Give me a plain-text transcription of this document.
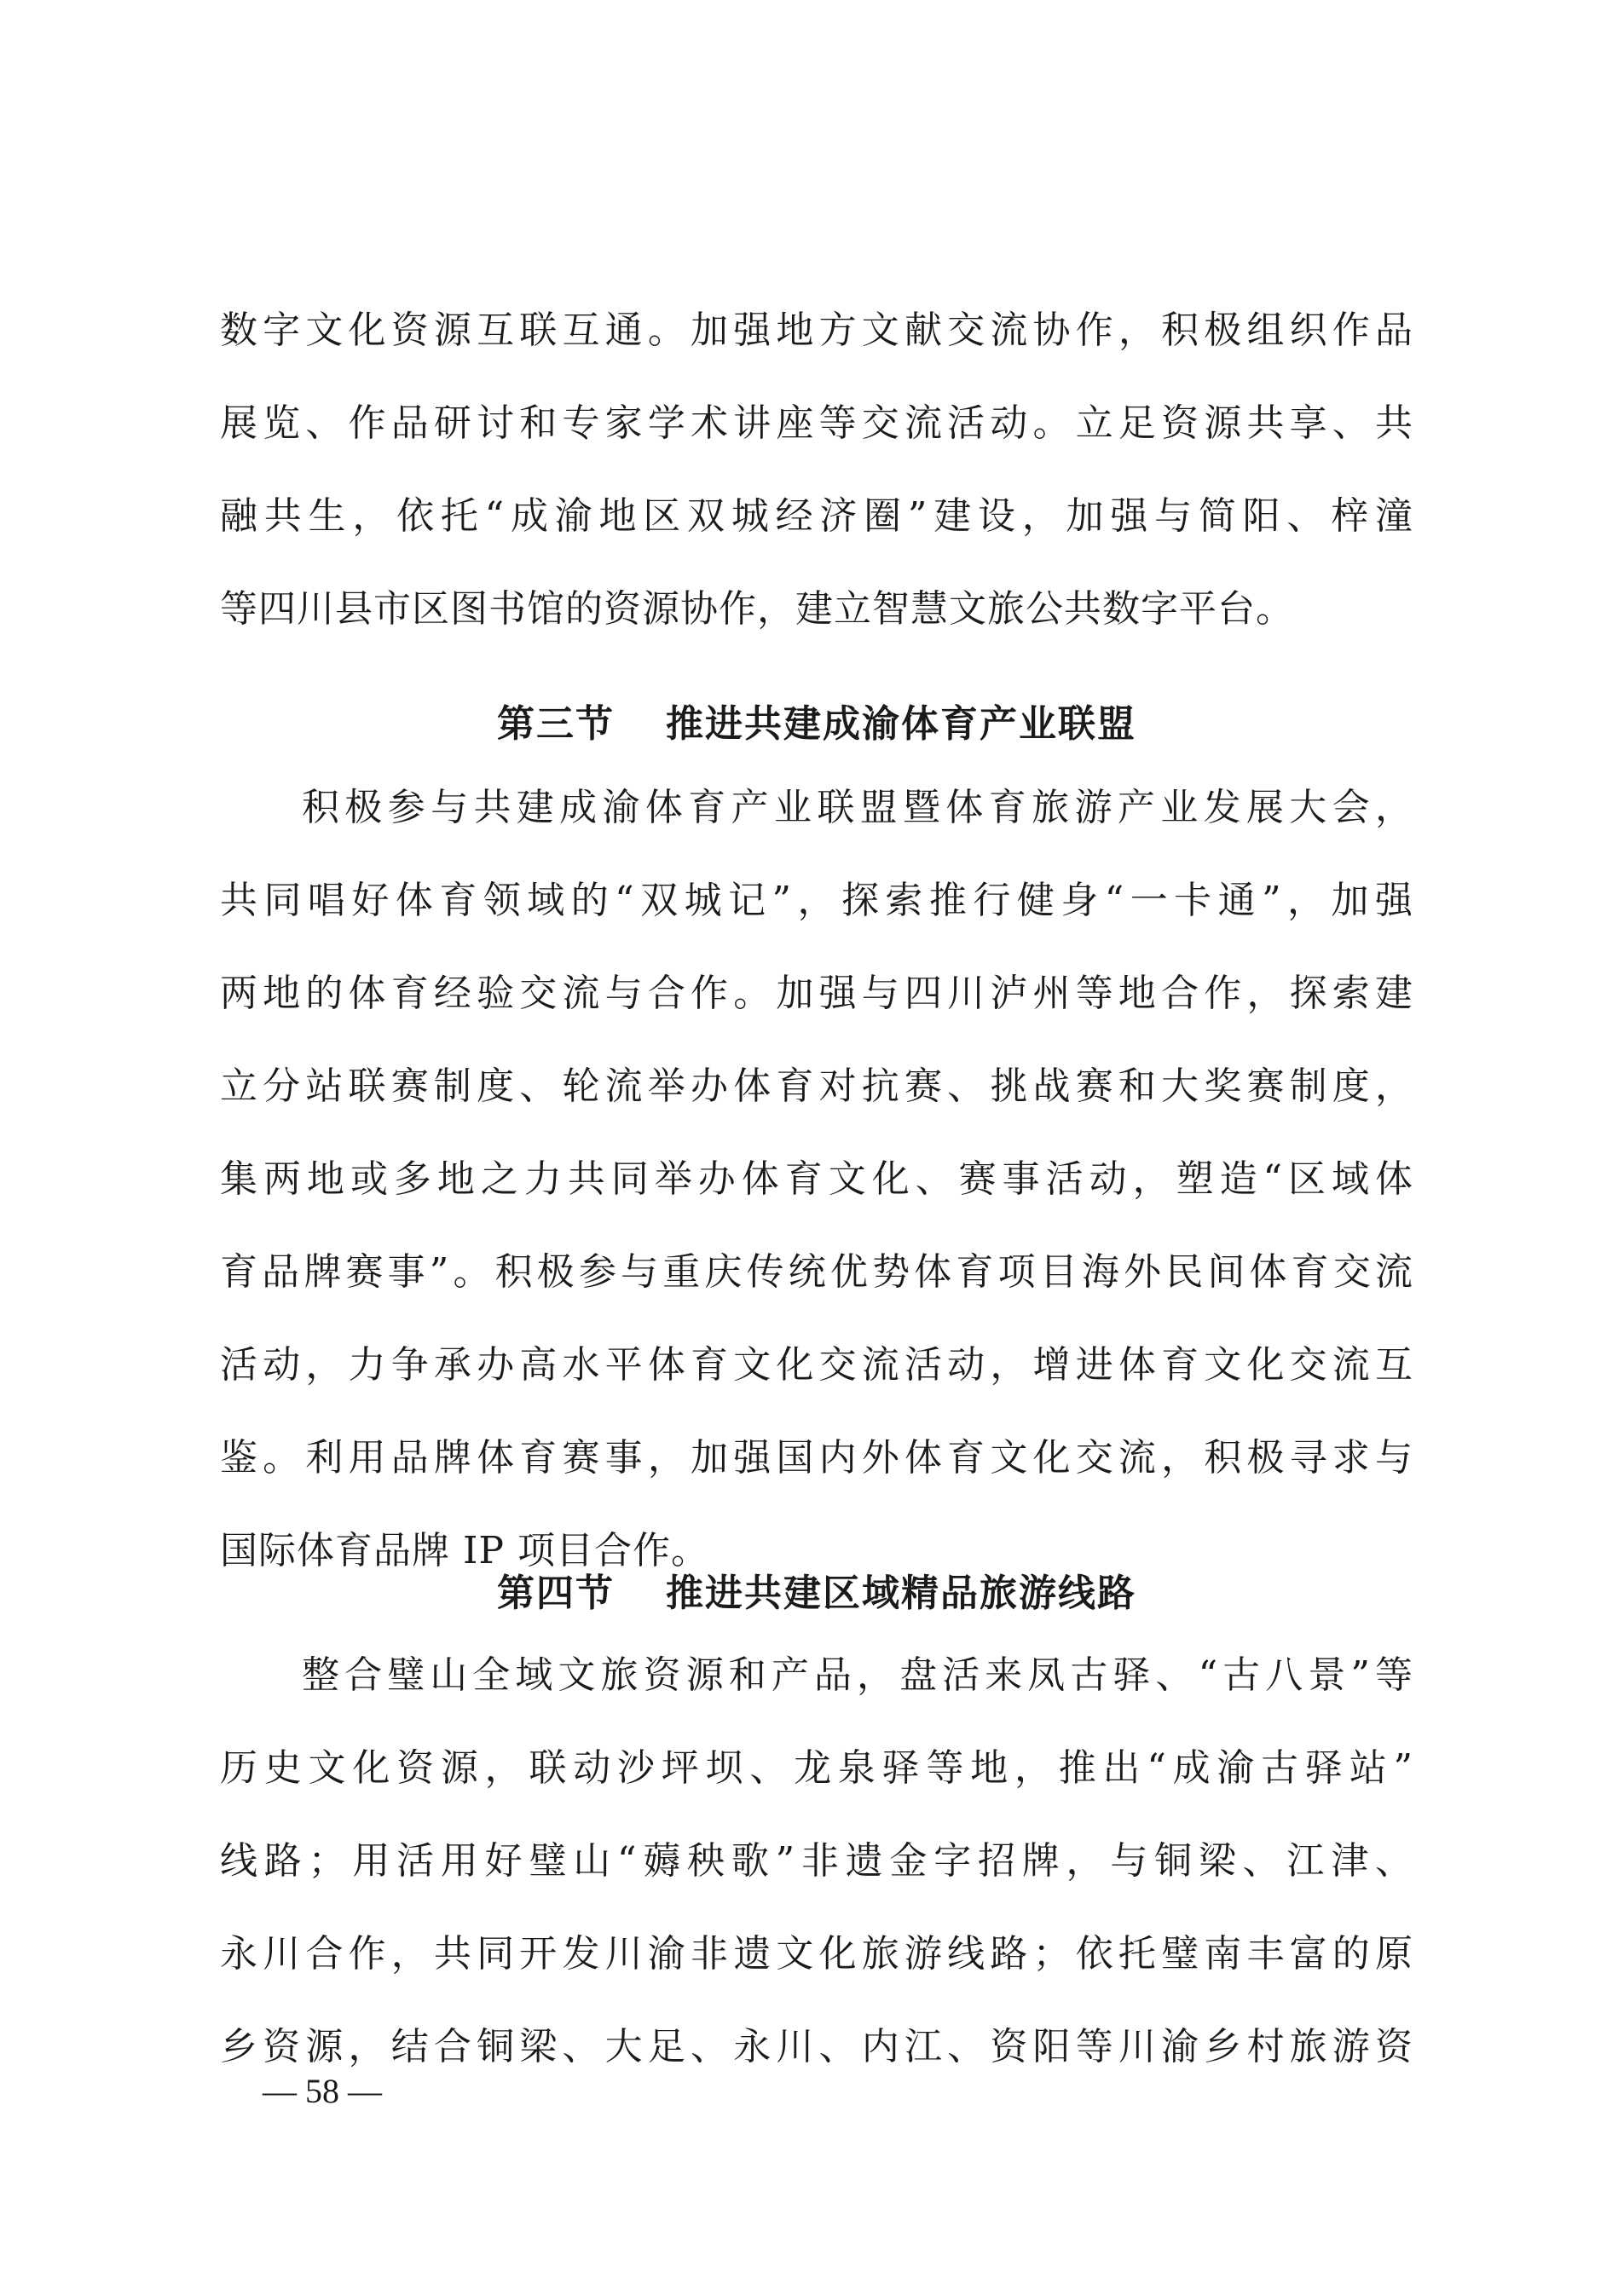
数字文化资源互联互通。加强地方文献交流协作，积极组织作品
展览、作品研讨和专家学术讲座等交流活动。立足资源共享、共
融共生，依托“成渝地区双城经济圈”建设，加强与简阳、梓潼
等四川县市区图书馆的资源协作，建立智慧文旅公共数字平台。
第三节 推进共建成渝体育产业联盟
积极参与共建成渝体育产业联盟暨体育旅游产业发展大会，
共同唱好体育领域的“双城记”，探索推行健身“一卡通”，加强
两地的体育经验交流与合作。加强与四川泸州等地合作，探索建
立分站联赛制度、轮流举办体育对抗赛、挑战赛和大奖赛制度，
集两地或多地之力共同举办体育文化、赛事活动，塑造“区域体
育品牌赛事”。积极参与重庆传统优势体育项目海外民间体育交流
活动，力争承办高水平体育文化交流活动，增进体育文化交流互
鉴。利用品牌体育赛事，加强国内外体育文化交流，积极寻求与
国际体育品牌 IP 项目合作。
第四节 推进共建区域精品旅游线路
整合璧山全域文旅资源和产品，盘活来凤古驿、“古八景”等
历史文化资源，联动沙坪坝、龙泉驿等地，推出“成渝古驿站”
线路；用活用好璧山“薅秧歌”非遗金字招牌，与铜梁、江津、
永川合作，共同开发川渝非遗文化旅游线路；依托璧南丰富的原
乡资源，结合铜梁、大足、永川、内江、资阳等川渝乡村旅游资
— 58 —
